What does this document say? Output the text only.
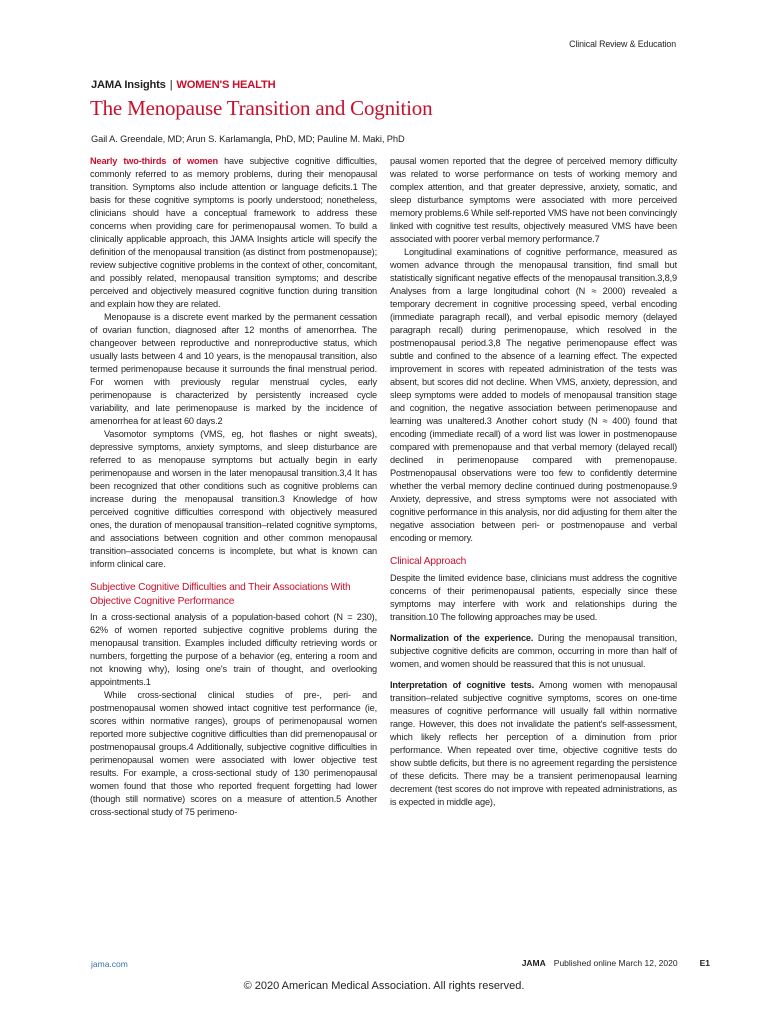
Clinical Review & Education
JAMA Insights | WOMEN'S HEALTH
The Menopause Transition and Cognition
Gail A. Greendale, MD; Arun S. Karlamangla, PhD, MD; Pauline M. Maki, PhD

Nearly two-thirds of women have subjective cognitive difficulties, commonly referred to as memory problems, during their menopausal transition. Symptoms also include attention or language deficits.1 The basis for these cognitive symptoms is poorly understood; nonetheless, clinicians should have a conceptual framework to address these concerns when providing care for perimenopausal women. To build a clinically applicable approach, this JAMA Insights article will specify the definition of the menopausal transition (as distinct from postmenopause); review subjective cognitive problems in the context of other, concomitant, and possibly related, menopausal transition symptoms; and describe perceived and objectively measured cognitive function during transition and explain how they are related.

Menopause is a discrete event marked by the permanent cessation of ovarian function, diagnosed after 12 months of amenorrhea. The changeover between reproductive and nonreproductive status, which usually lasts between 4 and 10 years, is the menopausal transition, also termed perimenopause because it surrounds the final menstrual period. For women with previously regular menstrual cycles, early perimenopause is characterized by persistently increased cycle variability, and late perimenopause is marked by the incidence of amenorrhea for at least 60 days.2

Vasomotor symptoms (VMS, eg, hot flashes or night sweats), depressive symptoms, anxiety symptoms, and sleep disturbance are referred to as menopause symptoms but actually begin in early perimenopause and worsen in the later menopausal transition.3,4 It has been recognized that other conditions such as cognitive problems can increase during the menopausal transition.3 Knowledge of how perceived cognitive difficulties correspond with objectively measured ones, the duration of menopausal transition–related cognitive symptoms, and associations between cognition and other common menopausal transition–associated concerns is incomplete, but what is known can inform clinical care.

Subjective Cognitive Difficulties and Their Associations With Objective Cognitive Performance

In a cross-sectional analysis of a population-based cohort (N = 230), 62% of women reported subjective cognitive problems during the menopausal transition. Examples included difficulty retrieving words or numbers, forgetting the purpose of a behavior (eg, entering a room and not knowing why), losing one's train of thought, and overlooking appointments.1

While cross-sectional clinical studies of pre-, peri- and postmenopausal women showed intact cognitive test performance (ie, scores within normative ranges), groups of perimenopausal women reported more subjective cognitive difficulties than did premenopausal or postmenopausal groups.4 Additionally, subjective cognitive difficulties in perimenopausal women were associated with lower objective test results. For example, a cross-sectional study of 130 perimenopausal women found that those who reported frequent forgetting had lower (though still normative) scores on a measure of attention.5 Another cross-sectional study of 75 perimeno-

pausal women reported that the degree of perceived memory difficulty was related to worse performance on tests of working memory and complex attention, and that greater depressive, anxiety, somatic, and sleep disturbance symptoms were associated with more perceived memory problems.6 While self-reported VMS have not been convincingly linked with cognitive test results, objectively measured VMS have been associated with poorer verbal memory performance.7

Longitudinal examinations of cognitive performance, measured as women advance through the menopausal transition, find small but statistically significant negative effects of the menopausal transition.3,8,9 Analyses from a large longitudinal cohort (N ≈ 2000) revealed a temporary decrement in cognitive processing speed, verbal encoding (immediate paragraph recall), and verbal episodic memory (delayed paragraph recall) during perimenopause, which resolved in the postmenopausal period.3,8 The negative perimenopause effect was subtle and confined to the absence of a learning effect. The expected improvement in scores with repeated administration of the tests was absent, but scores did not decline. When VMS, anxiety, depression, and sleep symptoms were added to models of menopausal transition stage and cognition, the negative association between perimenopause and learning was unaltered.3 Another cohort study (N ≈ 400) found that encoding (immediate recall) of a word list was lower in postmenopause compared with premenopause and that verbal memory (delayed recall) declined in perimenopause compared with premenopause. Postmenopausal observations were too few to confidently determine whether the verbal memory decline continued during postmenopause.9 Anxiety, depressive, and stress symptoms were not associated with cognitive performance in this analysis, nor did adjusting for them alter the negative association between peri- or postmenopause and verbal encoding or memory.

Clinical Approach

Despite the limited evidence base, clinicians must address the cognitive concerns of their perimenopausal patients, especially since these symptoms may interfere with work and relationships during the transition.10 The following approaches may be used.

Normalization of the experience. During the menopausal transition, subjective cognitive deficits are common, occurring in more than half of women, and women should be reassured that this is not unusual.

Interpretation of cognitive tests. Among women with menopausal transition–related subjective cognitive symptoms, scores on one-time measures of cognitive performance will usually fall within normative range. However, this does not invalidate the patient's self-assessment, which likely reflects her perception of a diminution from prior performance. When repeated over time, objective cognitive tests do show subtle deficits, but there is no agreement regarding the persistence of these deficits. There may be a transient perimenopausal learning decrement (test scores do not improve with repeated administrations, as is expected in middle age),

jama.com	JAMA Published online March 12, 2020	E1
© 2020 American Medical Association. All rights reserved.
